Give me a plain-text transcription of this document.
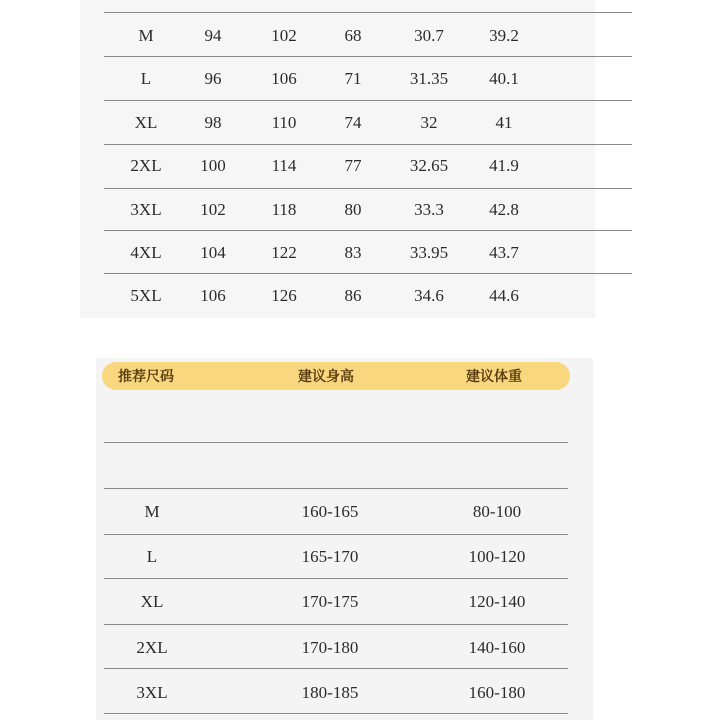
M	94	102	68	30.7	39.2
L	96	106	71	31.35 40.1
XL	98	110	74	32	41
2XL 100	114	77	32.65 41.9
3XL 102	118	80	33.3	42.8
4XL 104	122	83	33.95 43.7
5XL 106	126	86	34.6	44.6
推荐尺码	建议身高	建议体重
M	160-165	80-100
L	165-170	100-120
XL	170-175	120-140
2XL	170-180	140-160
3XL	180-185	160-180
